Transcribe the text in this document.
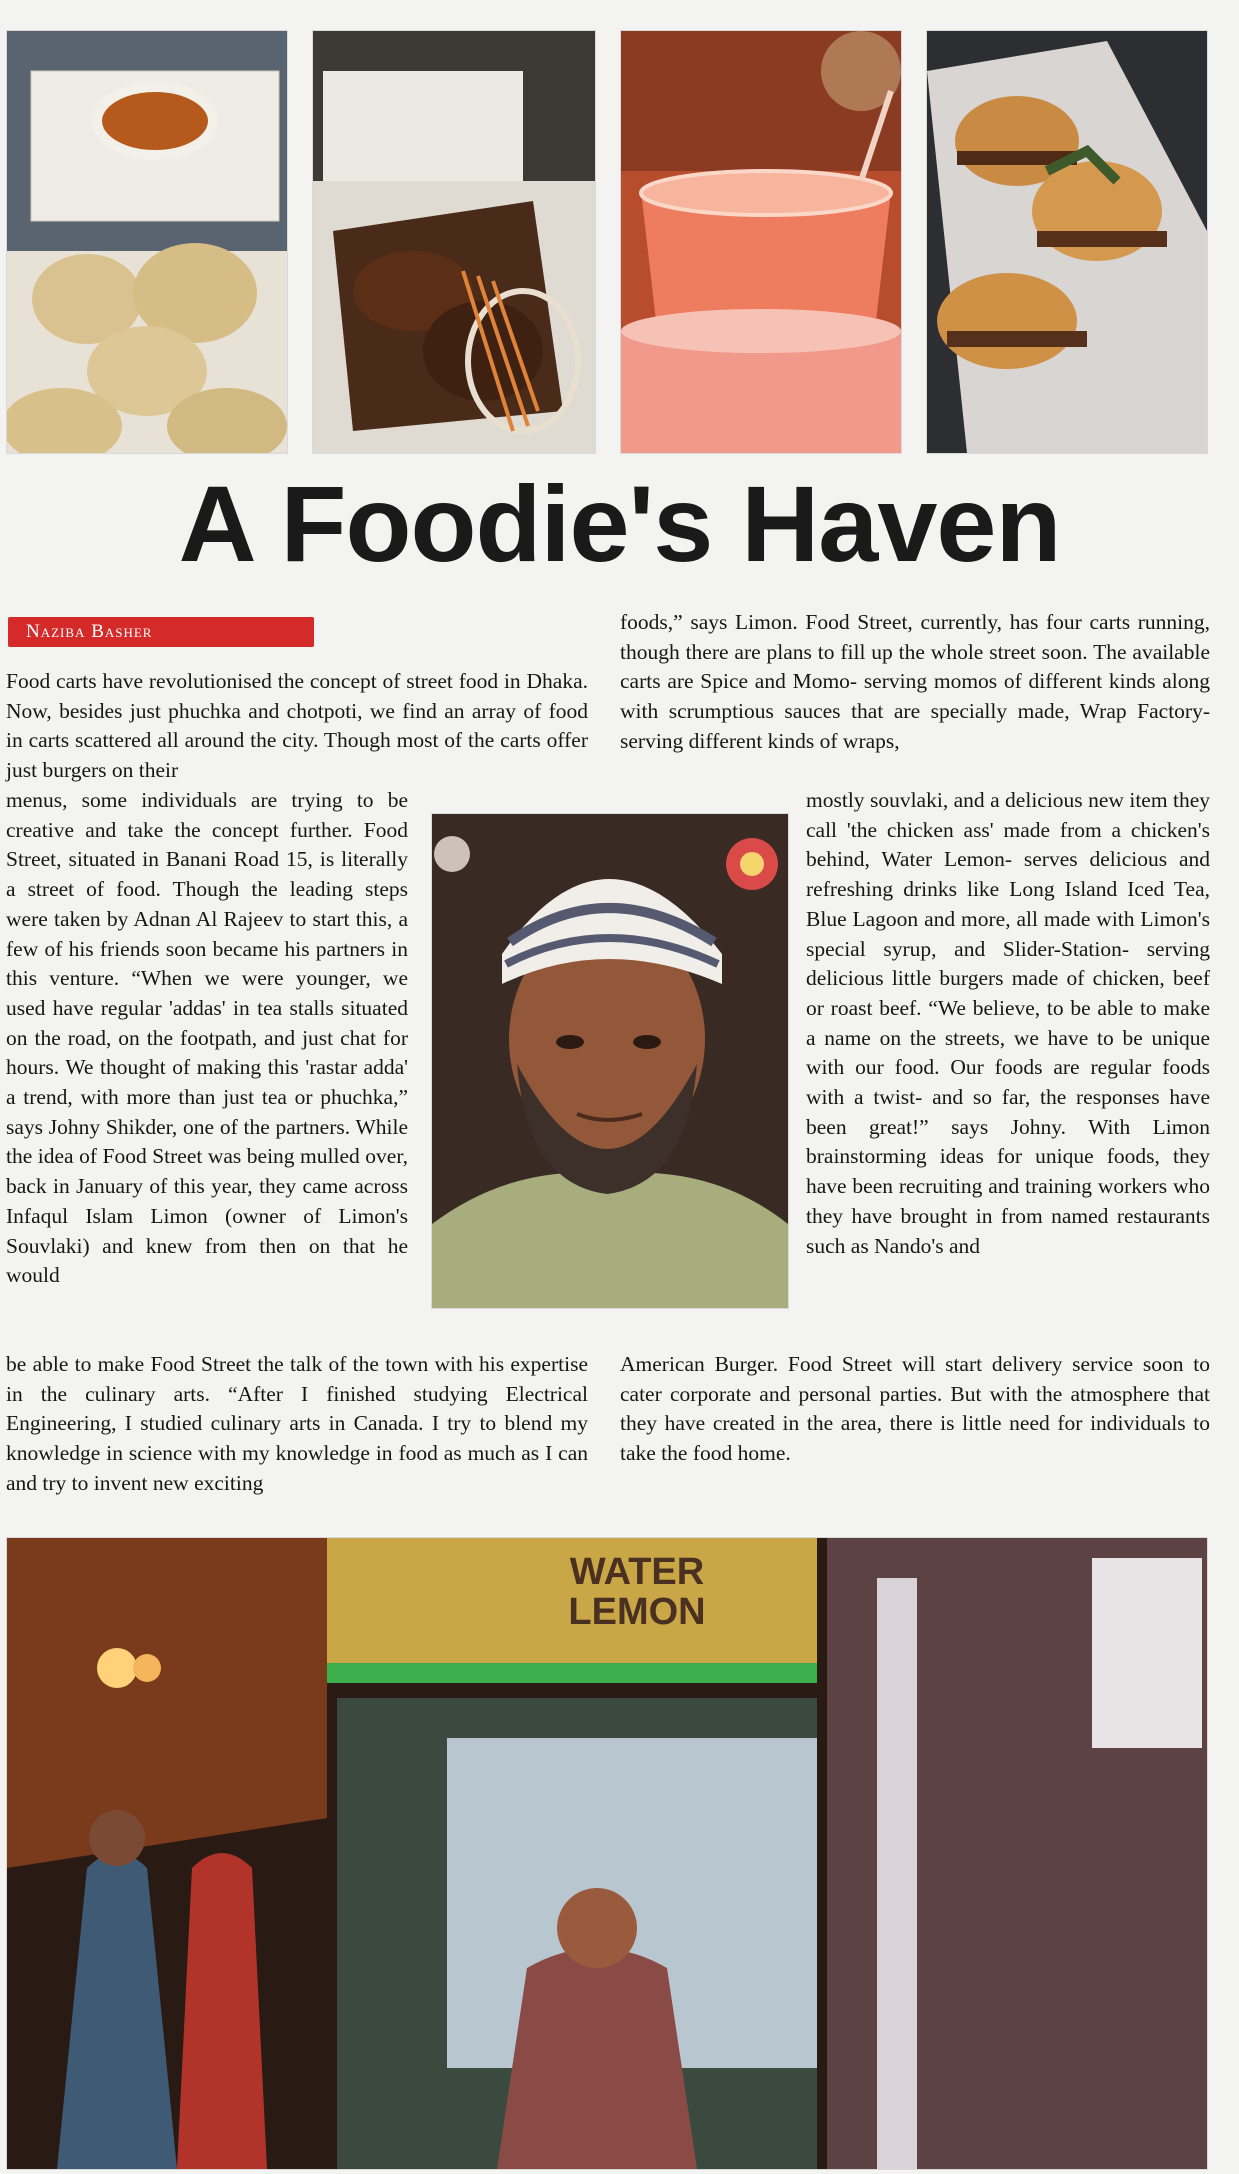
A Foodie's Haven
Naziba Basher

Food carts have revolutionised the concept of street food in Dhaka. Now, besides just phuchka and chotpoti, we find an array of food in carts scattered all around the city. Though most of the carts offer just burgers on their

menus, some individuals are trying to be creative and take the concept further. Food Street, situated in Banani Road 15, is literally a street of food. Though the leading steps were taken by Adnan Al Rajeev to start this, a few of his friends soon became his partners in this venture. “When we were younger, we used have regular 'addas' in tea stalls situated on the road, on the footpath, and just chat for hours. We thought of making this 'rastar adda' a trend, with more than just tea or phuchka,” says Johny Shikder, one of the partners. While the idea of Food Street was being mulled over, back in January of this year, they came across Infaqul Islam Limon (owner of Limon's Souvlaki) and knew from then on that he would

be able to make Food Street the talk of the town with his expertise in the culinary arts. “After I finished studying Electrical Engineering, I studied culinary arts in Canada. I try to blend my knowledge in science with my knowledge in food as much as I can and try to invent new exciting

foods,” says Limon. Food Street, currently, has four carts running, though there are plans to fill up the whole street soon. The available carts are Spice and Momo- serving momos of different kinds along with scrumptious sauces that are specially made, Wrap Factory- serving different kinds of wraps,

mostly souvlaki, and a delicious new item they call 'the chicken ass' made from a chicken's behind, Water Lemon- serves delicious and refreshing drinks like Long Island Iced Tea, Blue Lagoon and more, all made with Limon's special syrup, and Slider-Station- serving delicious little burgers made of chicken, beef or roast beef. “We believe, to be able to make a name on the streets, we have to be unique with our food. Our foods are regular foods with a twist- and so far, the responses have been great!” says Johny. With Limon brainstorming ideas for unique foods, they have been recruiting and training workers who they have brought in from named restaurants such as Nando's and

American Burger. Food Street will start delivery service soon to cater corporate and personal parties. But with the atmosphere that they have created in the area, there is little need for individuals to take the food home.

WATER LEMON
